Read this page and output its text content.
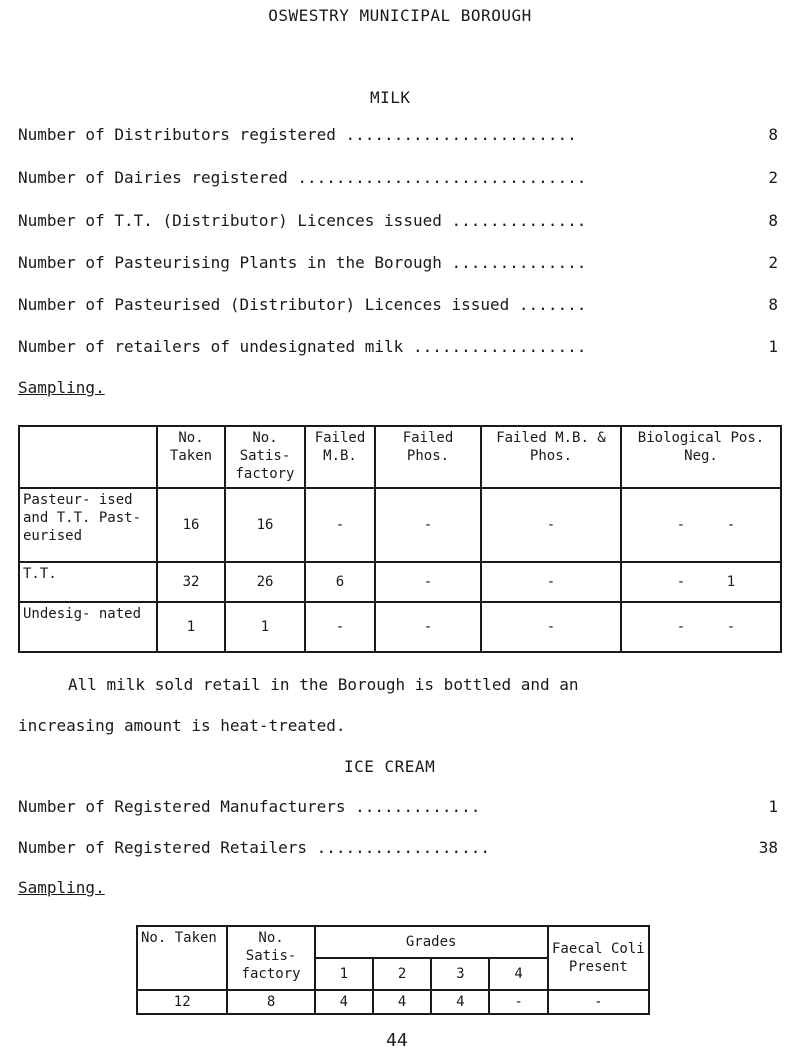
OSWESTRY MUNICIPAL BOROUGH
MILK
Number of Distributors registered ........................	8
Number of Dairies registered ..............................	2
Number of T.T. (Distributor) Licences issued ..............	8
Number of Pasteurising Plants in the Borough ..............	2
Number of Pasteurised (Distributor) Licences issued .......	8
Number of retailers of undesignated milk ..................	1
Sampling.
	No. Taken	No. Satis- factory	Failed M.B.	Failed Phos.	Failed M.B. & Phos.	Biological Pos. Neg.
Pasteur- ised and T.T. Past- eurised	16	16	-	-	-	- -
T.T.	32	26	6	-	-	- 1
Undesig- nated	1	1	-	-	-	- -
All milk sold retail in the Borough is bottled and an
increasing amount is heat-treated.
ICE CREAM
Number of Registered Manufacturers .............	1
Number of Registered Retailers ..................	38
Sampling.
No. Taken	No. Satis- factory	Grades				Faecal Coli Present
		1	2	3	4	
12	8	4	4	4	-	-
44
